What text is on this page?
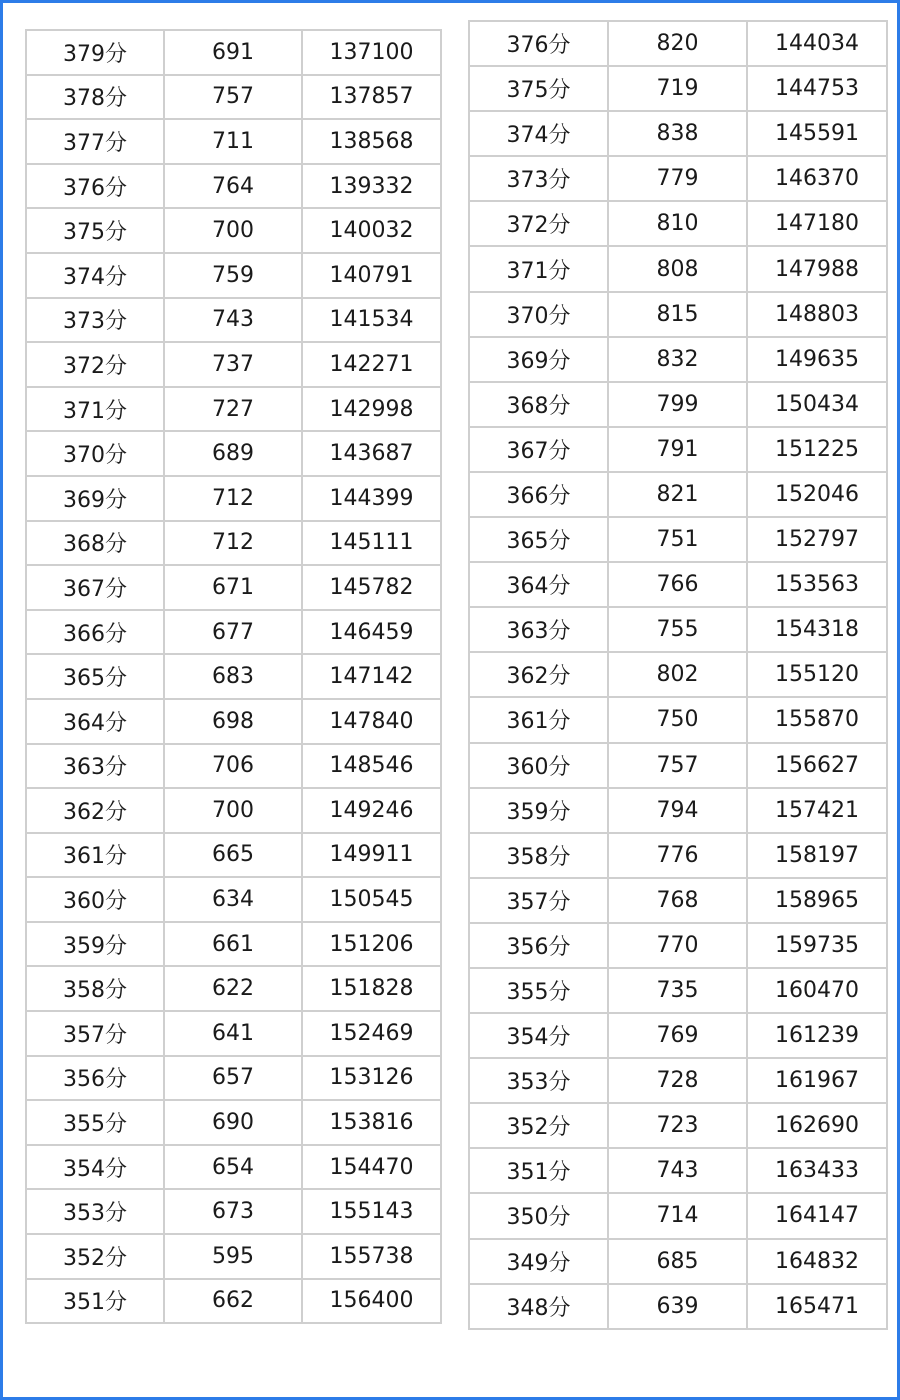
379分	691	137100
378分	757	137857
377分	711	138568
376分	764	139332
375分	700	140032
374分	759	140791
373分	743	141534
372分	737	142271
371分	727	142998
370分	689	143687
369分	712	144399
368分	712	145111
367分	671	145782
366分	677	146459
365分	683	147142
364分	698	147840
363分	706	148546
362分	700	149246
361分	665	149911
360分	634	150545
359分	661	151206
358分	622	151828
357分	641	152469
356分	657	153126
355分	690	153816
354分	654	154470
353分	673	155143
352分	595	155738
351分	662	156400
376分	820	144034
375分	719	144753
374分	838	145591
373分	779	146370
372分	810	147180
371分	808	147988
370分	815	148803
369分	832	149635
368分	799	150434
367分	791	151225
366分	821	152046
365分	751	152797
364分	766	153563
363分	755	154318
362分	802	155120
361分	750	155870
360分	757	156627
359分	794	157421
358分	776	158197
357分	768	158965
356分	770	159735
355分	735	160470
354分	769	161239
353分	728	161967
352分	723	162690
351分	743	163433
350分	714	164147
349分	685	164832
348分	639	165471
